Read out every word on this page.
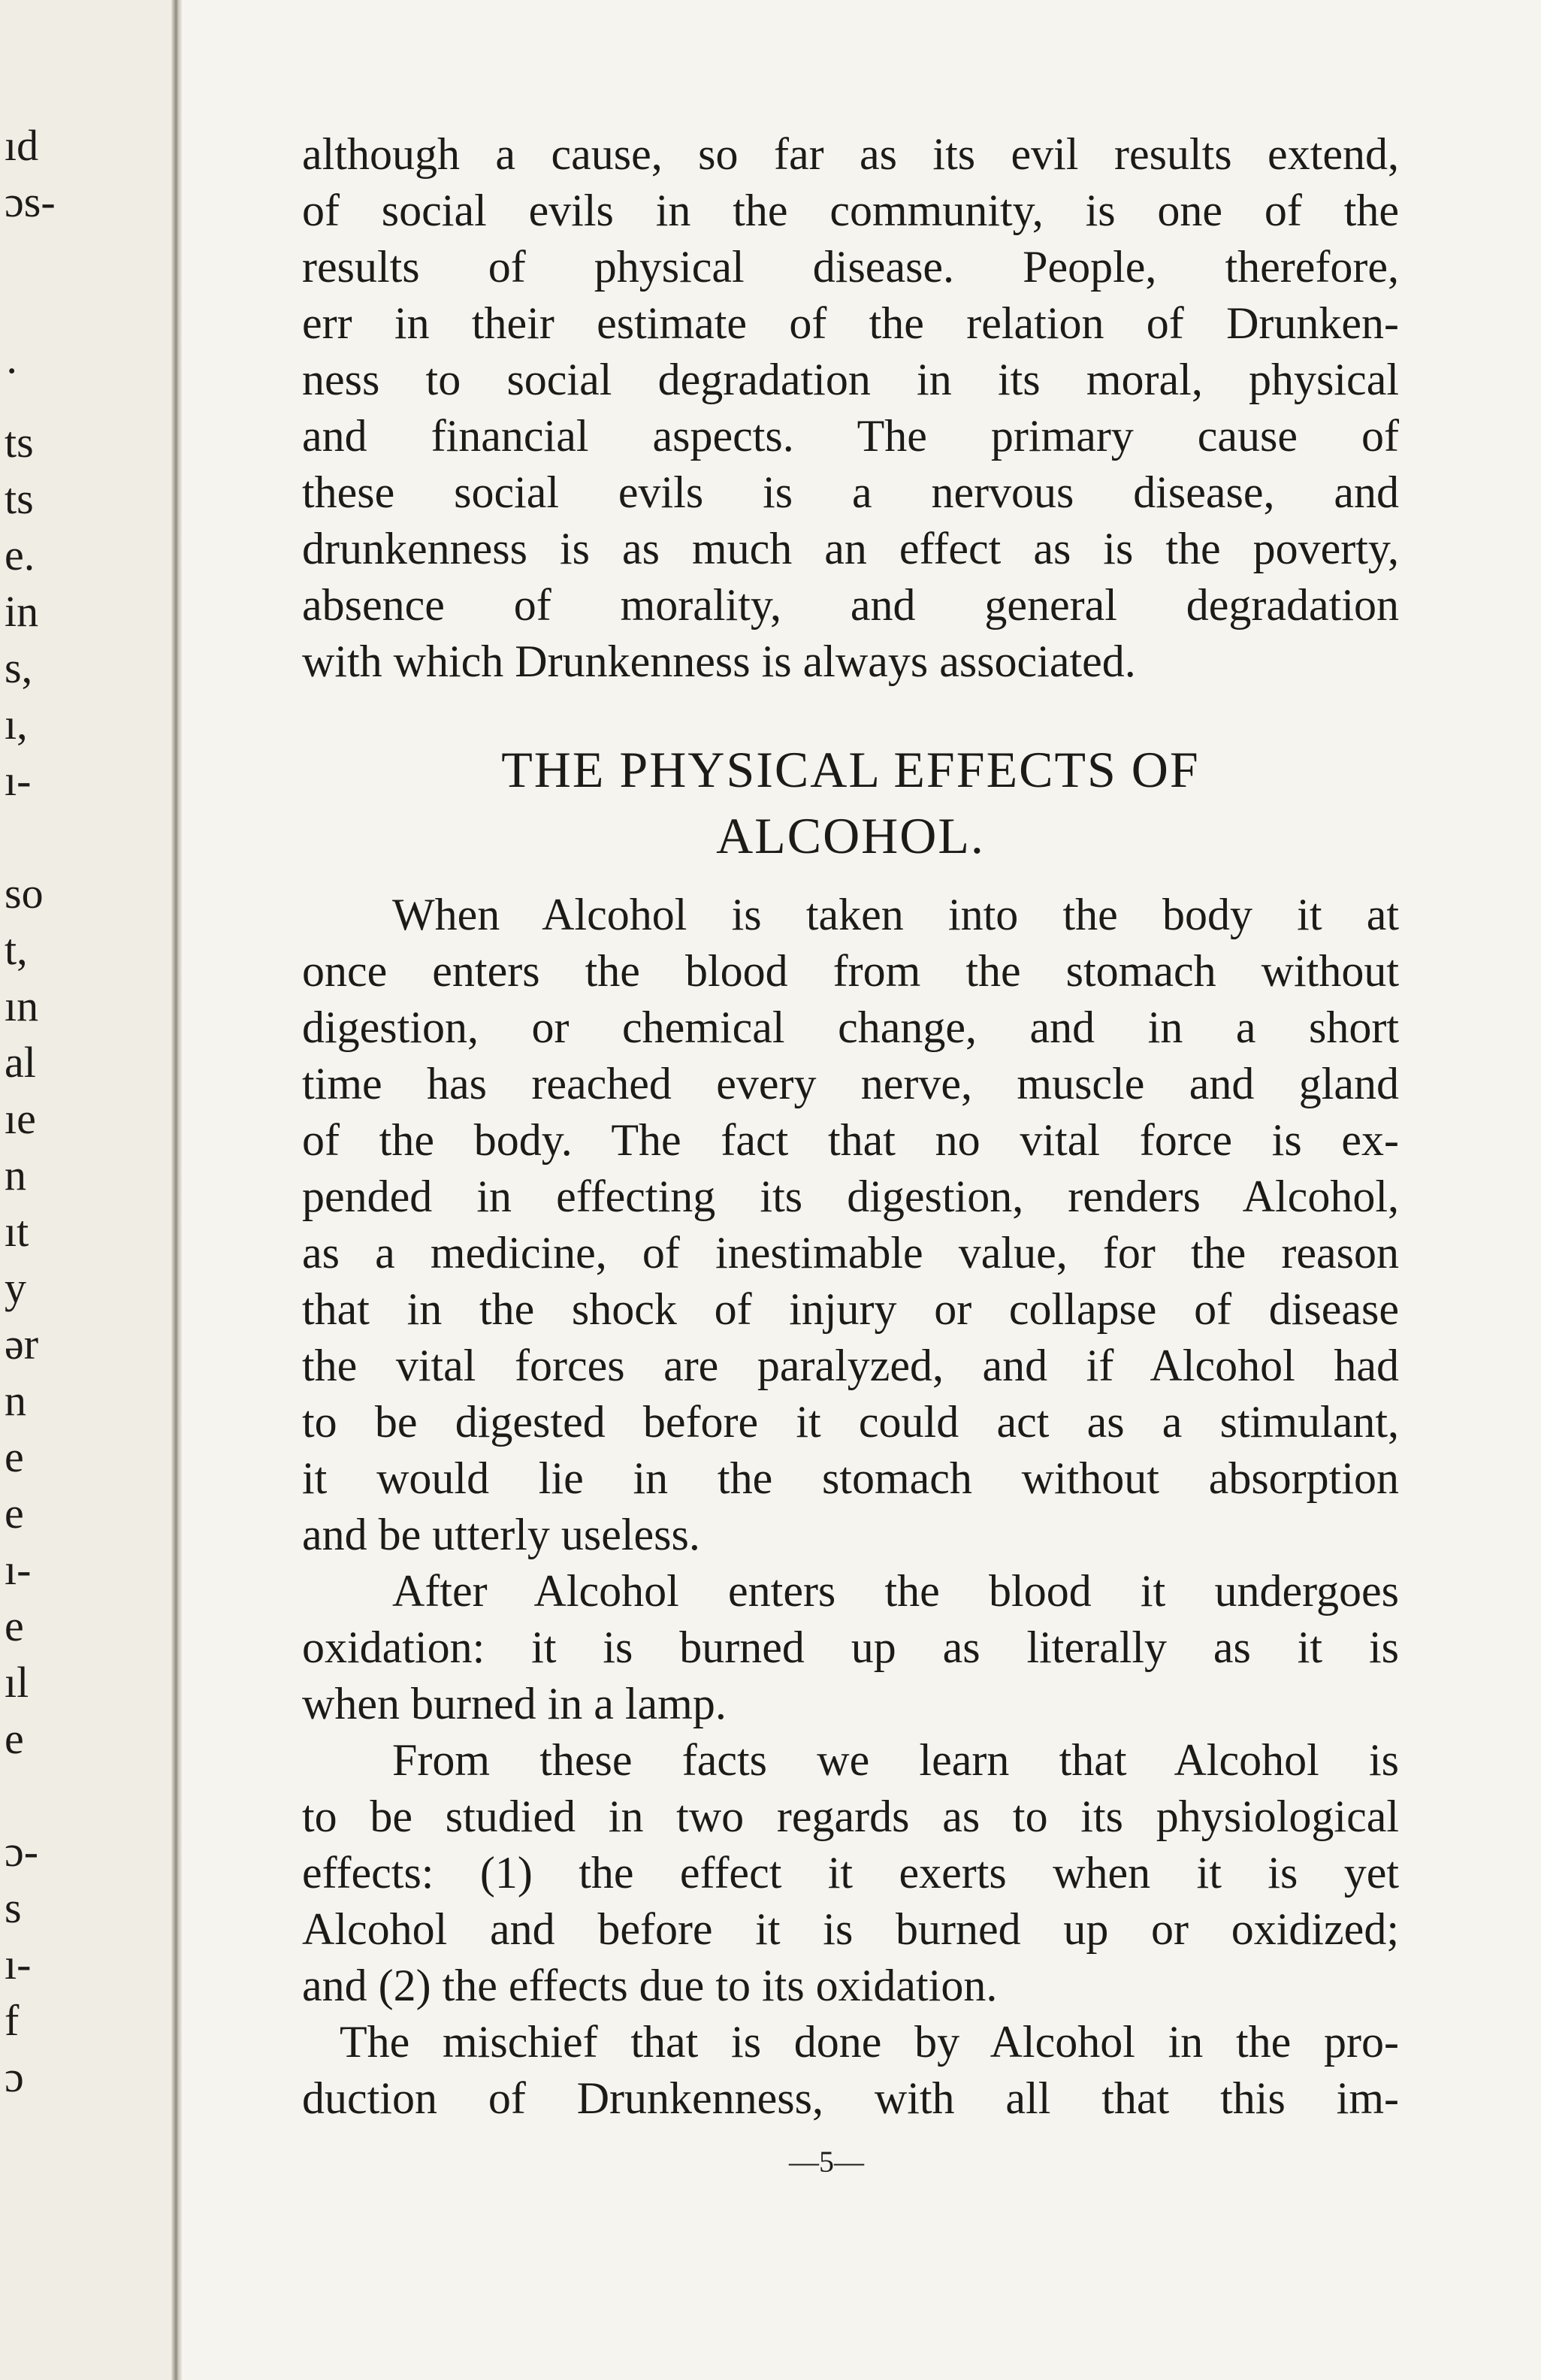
ıd
ɔs-
·
ts
ts
e.
in
s,
ı,
ı-
so
t,
ın
al
ıe
n
ıt
y
ər
n
e
e
ı-
e
ıl
e
ɔ-
s
ı-
f
ɔ
although a cause, so far as its evil results extend,
of social evils in the community, is one of the
results of physical disease. People, therefore,
err in their estimate of the relation of Drunken-
ness to social degradation in its moral, physical
and financial aspects. The primary cause of
these social evils is a nervous disease, and
drunkenness is as much an effect as is the poverty,
absence of morality, and general degradation
with which Drunkenness is always associated.
THE PHYSICAL EFFECTS OF
ALCOHOL.
When Alcohol is taken into the body it at
once enters the blood from the stomach without
digestion, or chemical change, and in a short
time has reached every nerve, muscle and gland
of the body. The fact that no vital force is ex-
pended in effecting its digestion, renders Alcohol,
as a medicine, of inestimable value, for the reason
that in the shock of injury or collapse of disease
the vital forces are paralyzed, and if Alcohol had
to be digested before it could act as a stimulant,
it would lie in the stomach without absorption
and be utterly useless.
After Alcohol enters the blood it undergoes
oxidation: it is burned up as literally as it is
when burned in a lamp.
From these facts we learn that Alcohol is
to be studied in two regards as to its physiological
effects: (1) the effect it exerts when it is yet
Alcohol and before it is burned up or oxidized;
and (2) the effects due to its oxidation.
The mischief that is done by Alcohol in the pro-
duction of Drunkenness, with all that this im-
—5—
